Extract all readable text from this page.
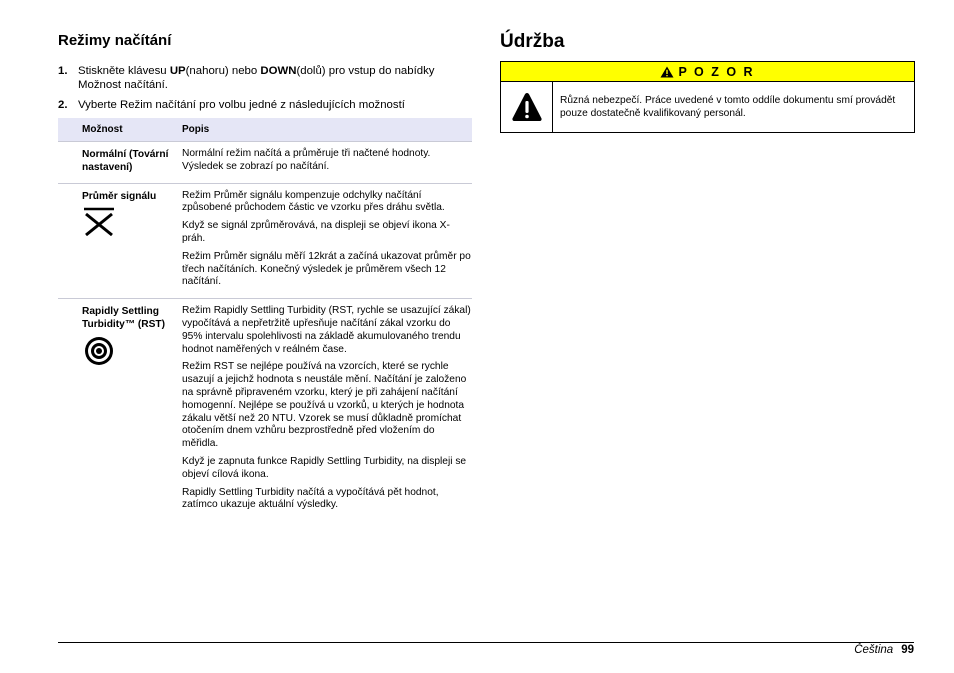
Režimy načítání
1. Stiskněte klávesu UP(nahoru) nebo DOWN(dolů) pro vstup do nabídky Možnost načítání.
2. Vyberte Režim načítání pro volbu jedné z následujících možností
Možnost	Popis

Normální (Tovární nastavení)	Normální režim načítá a průměruje tři načtené hodnoty. Výsledek se zobrazí po načítání.

Průměr signálu	Režim Průměr signálu kompenzuje odchylky načítání způsobené průchodem částic ve vzorku přes dráhu světla.

Když se signál zprůměrovává, na displeji se objeví ikona X-práh.

Režim Průměr signálu měří 12krát a začíná ukazovat průměr po třech načítáních. Konečný výsledek je průměrem všech 12 načítání.

Rapidly Settling Turbidity™ (RST)	Režim Rapidly Settling Turbidity (RST, rychle se usazující zákal) vypočítává a nepřetržitě upřesňuje načítání zákal vzorku do 95% intervalu spolehlivosti na základě akumulovaného trendu hodnot naměřených v reálném čase.

Režim RST se nejlépe používá na vzorcích, které se rychle usazují a jejichž hodnota s neustále mění. Načítání je založeno na správně připraveném vzorku, který je při zahájení načítání homogenní. Nejlépe se používá u vzorků, u kterých je hodnota zákalu větší než 20 NTU. Vzorek se musí důkladně promíchat otočením dnem vzhůru bezprostředně před vložením do měřidla.

Když je zapnuta funkce Rapidly Settling Turbidity, na displeji se objeví cílová ikona.

Rapidly Settling Turbidity načítá a vypočítává pět hodnot, zatímco ukazuje aktuální výsledky.

Údržba
P O Z O R
Různá nebezpečí. Práce uvedené v tomto oddíle dokumentu smí provádět pouze dostatečně kvalifikovaný personál.
Čeština 99
